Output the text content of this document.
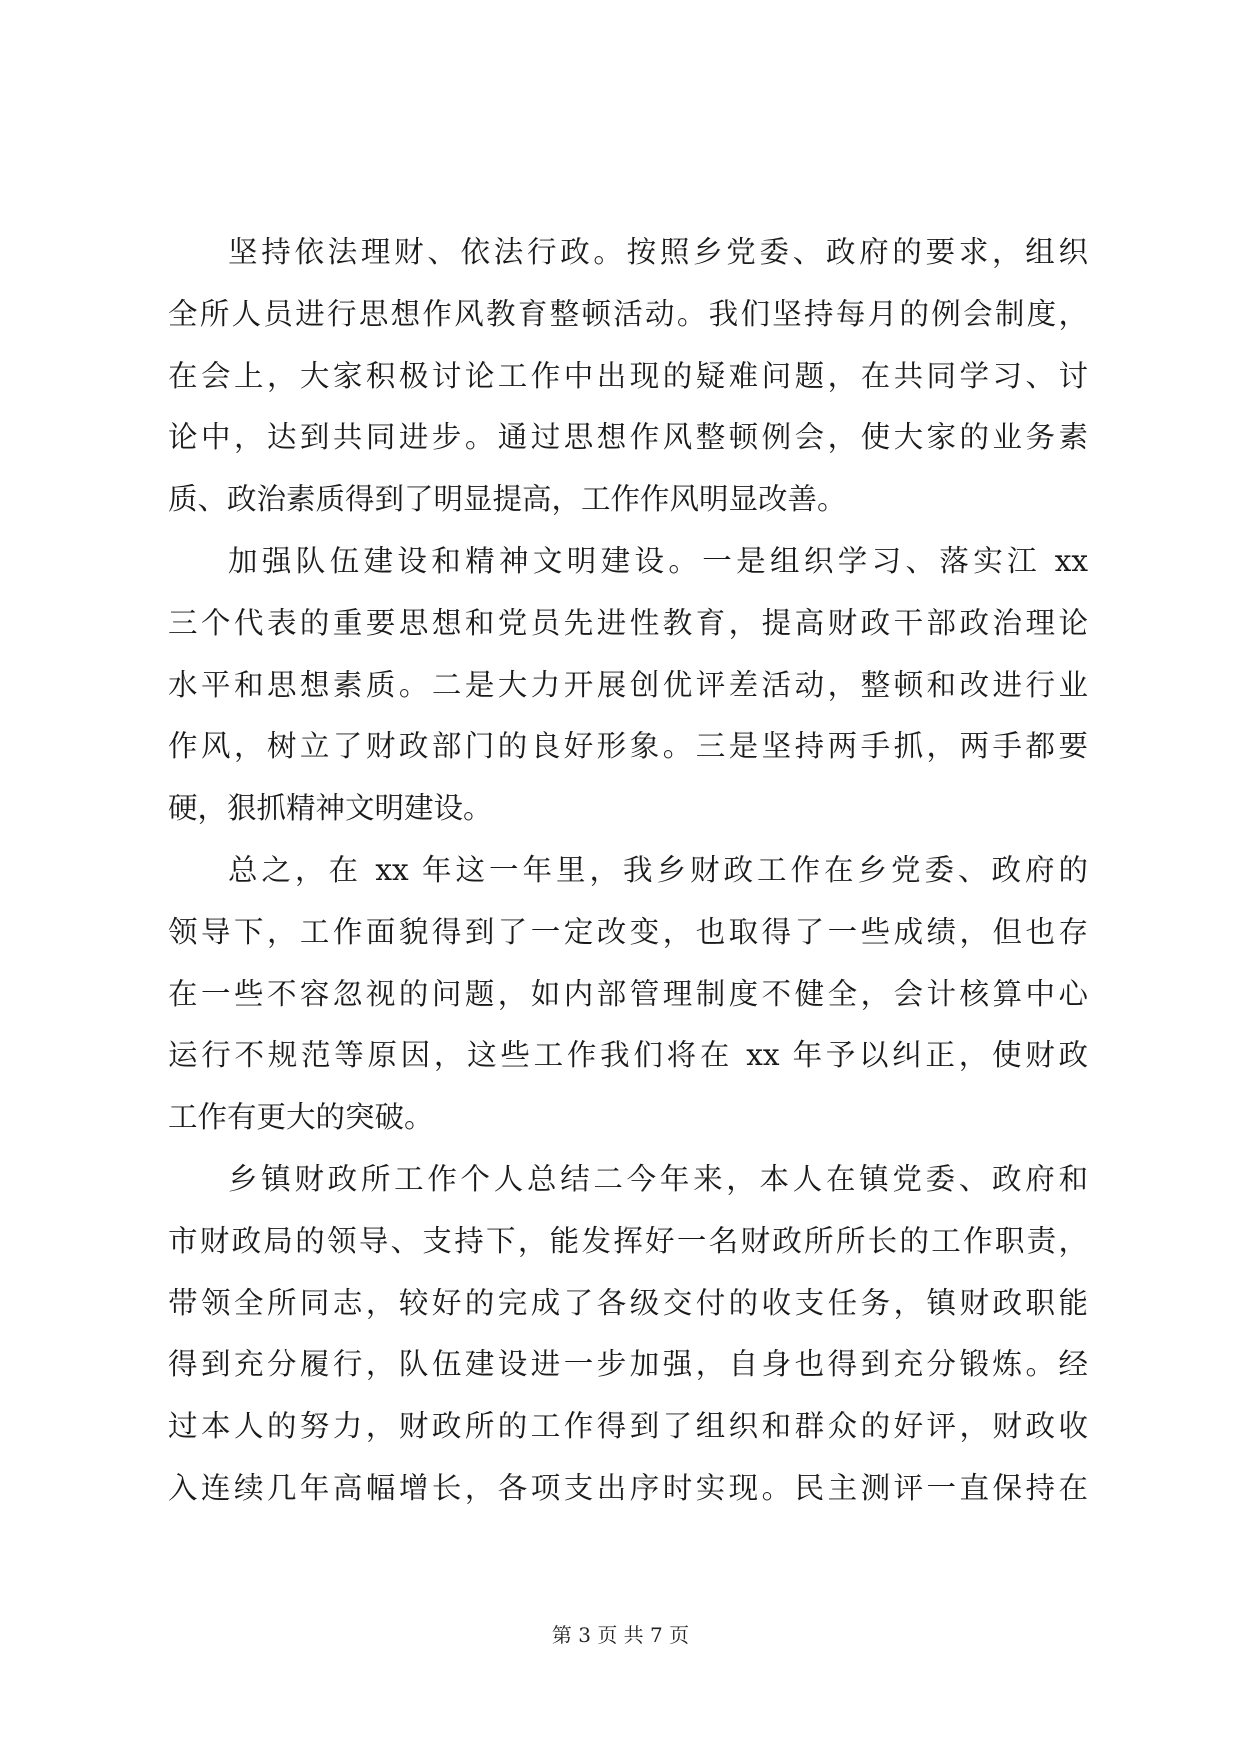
坚持依法理财、依法行政。按照乡党委、政府的要求，组织
全所人员进行思想作风教育整顿活动。我们坚持每月的例会制度，
在会上，大家积极讨论工作中出现的疑难问题，在共同学习、讨
论中，达到共同进步。通过思想作风整顿例会，使大家的业务素
质、政治素质得到了明显提高，工作作风明显改善。
加强队伍建设和精神文明建设。一是组织学习、落实江 xx
三个代表的重要思想和党员先进性教育，提高财政干部政治理论
水平和思想素质。二是大力开展创优评差活动，整顿和改进行业
作风，树立了财政部门的良好形象。三是坚持两手抓，两手都要
硬，狠抓精神文明建设。
总之，在 xx 年这一年里，我乡财政工作在乡党委、政府的
领导下，工作面貌得到了一定改变，也取得了一些成绩，但也存
在一些不容忽视的问题，如内部管理制度不健全，会计核算中心
运行不规范等原因，这些工作我们将在 xx 年予以纠正，使财政
工作有更大的突破。
乡镇财政所工作个人总结二今年来，本人在镇党委、政府和
市财政局的领导、支持下，能发挥好一名财政所所长的工作职责，
带领全所同志，较好的完成了各级交付的收支任务，镇财政职能
得到充分履行，队伍建设进一步加强，自身也得到充分锻炼。经
过本人的努力，财政所的工作得到了组织和群众的好评，财政收
入连续几年高幅增长，各项支出序时实现。民主测评一直保持在
第 3 页 共 7 页
